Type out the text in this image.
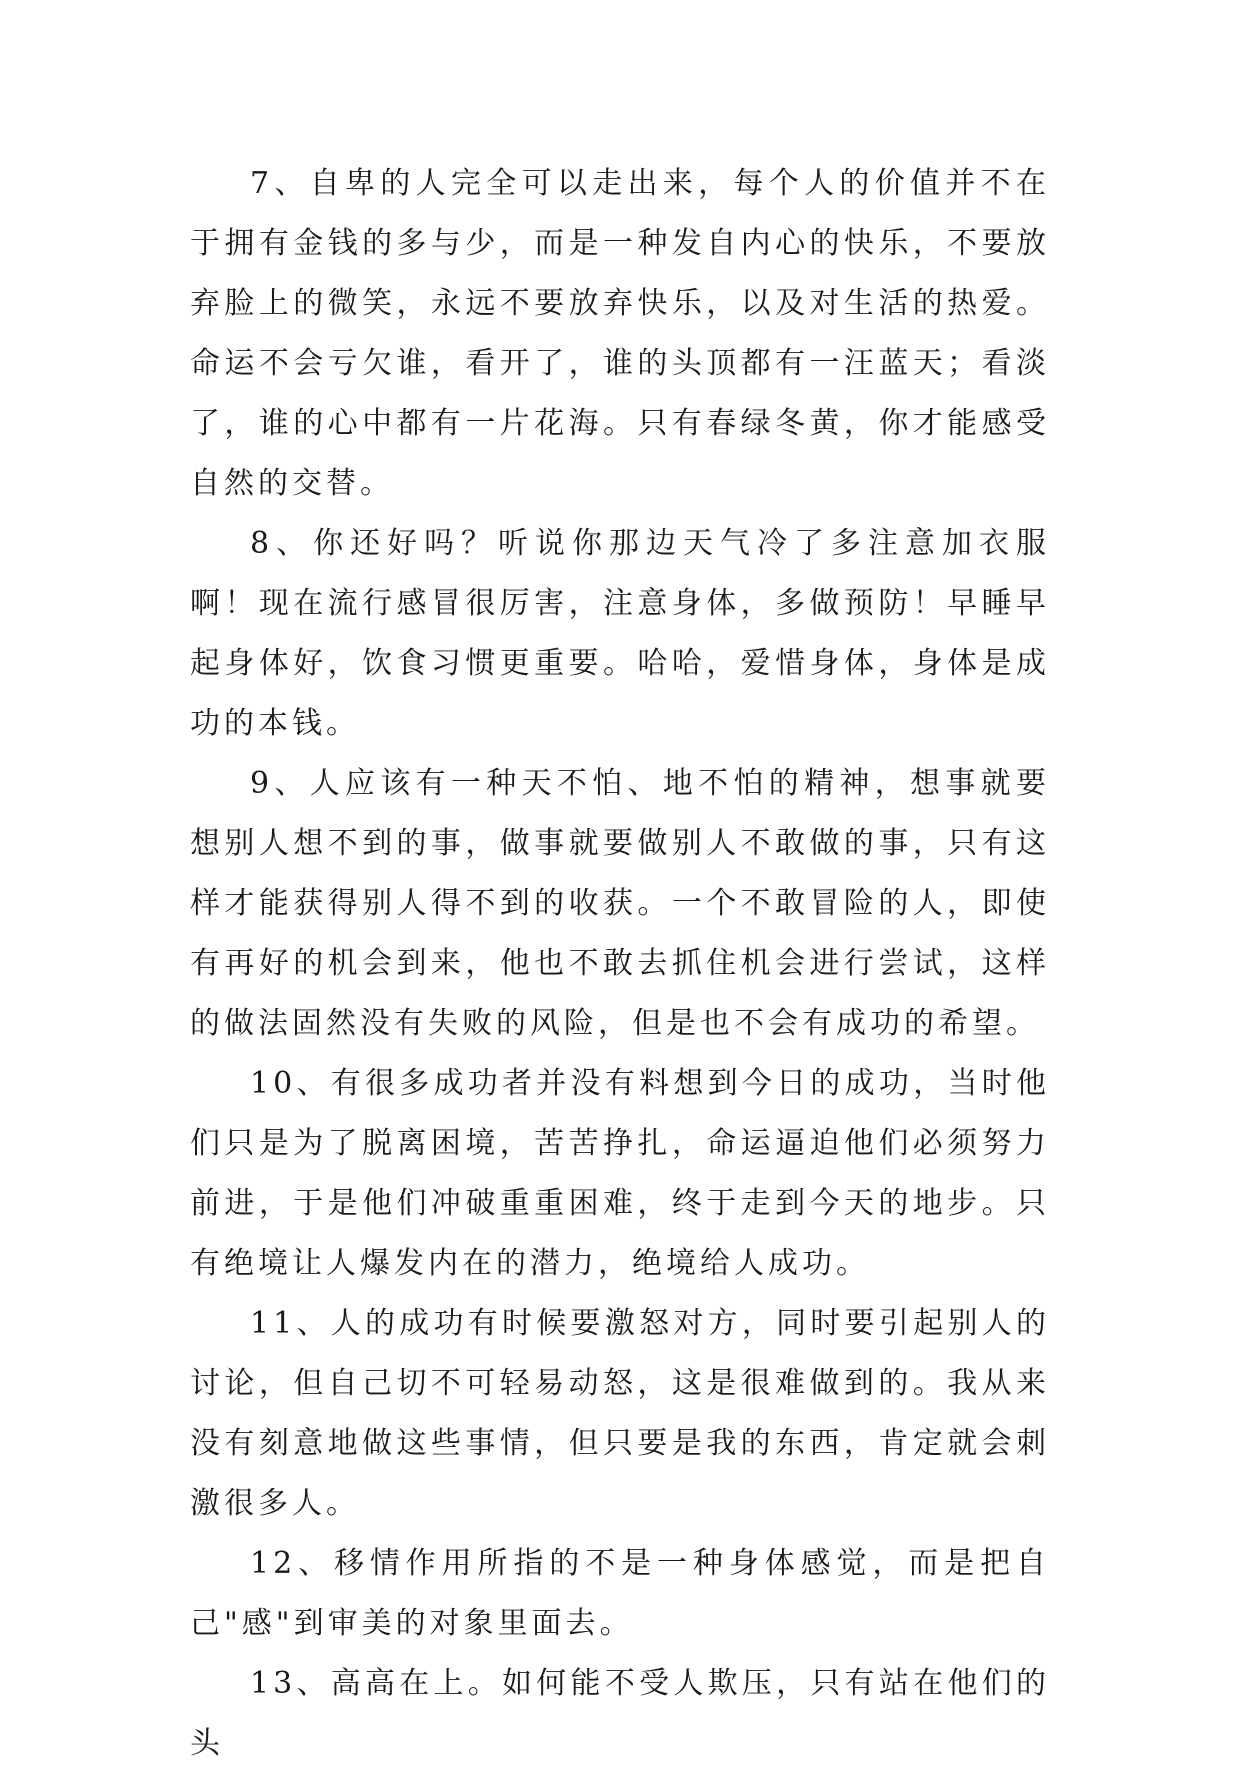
7、自卑的人完全可以走出来，每个人的价值并不在于拥有金钱的多与少，而是一种发自内心的快乐，不要放弃脸上的微笑，永远不要放弃快乐，以及对生活的热爱。命运不会亏欠谁，看开了，谁的头顶都有一汪蓝天；看淡了，谁的心中都有一片花海。只有春绿冬黄，你才能感受自然的交替。

8、你还好吗？听说你那边天气冷了多注意加衣服啊！现在流行感冒很厉害，注意身体，多做预防！早睡早起身体好，饮食习惯更重要。哈哈，爱惜身体，身体是成功的本钱。

9、人应该有一种天不怕、地不怕的精神，想事就要想别人想不到的事，做事就要做别人不敢做的事，只有这样才能获得别人得不到的收获。一个不敢冒险的人，即使有再好的机会到来，他也不敢去抓住机会进行尝试，这样的做法固然没有失败的风险，但是也不会有成功的希望。

10、有很多成功者并没有料想到今日的成功，当时他们只是为了脱离困境，苦苦挣扎，命运逼迫他们必须努力前进，于是他们冲破重重困难，终于走到今天的地步。只有绝境让人爆发内在的潜力，绝境给人成功。

11、人的成功有时候要激怒对方，同时要引起别人的讨论，但自己切不可轻易动怒，这是很难做到的。我从来没有刻意地做这些事情，但只要是我的东西，肯定就会刺激很多人。

12、移情作用所指的不是一种身体感觉，而是把自己"感"到审美的对象里面去。

13、高高在上。如何能不受人欺压，只有站在他们的头
